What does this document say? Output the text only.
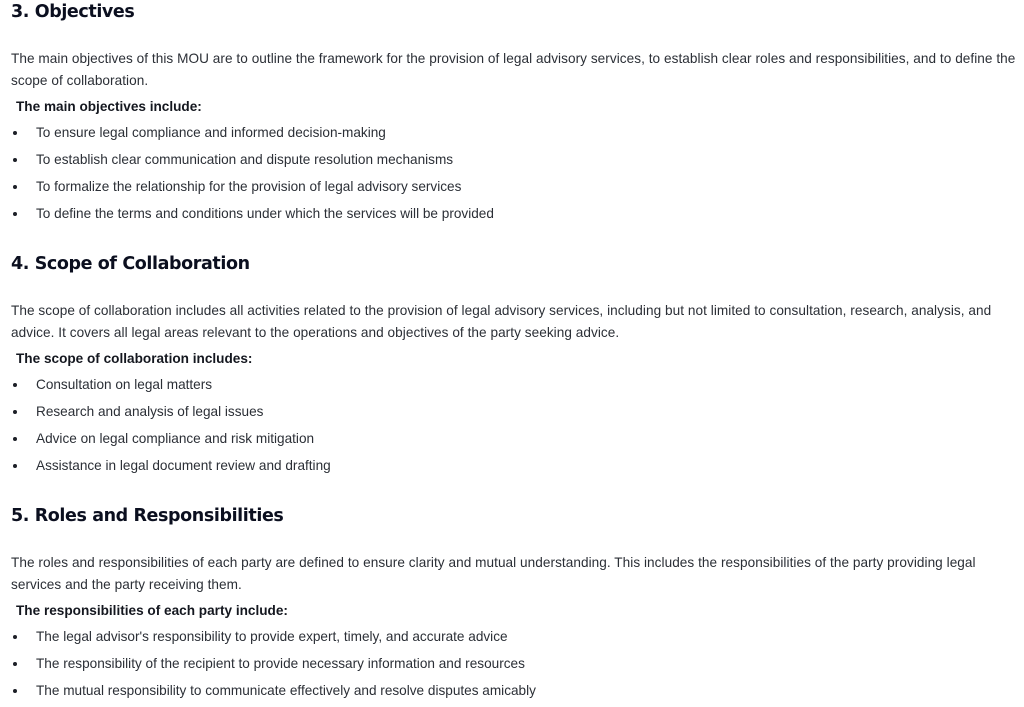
3. Objectives

The main objectives of this MOU are to outline the framework for the provision of legal advisory services, to establish clear roles and responsibilities, and to define the scope of collaboration.

The main objectives include:

To ensure legal compliance and informed decision-making
To establish clear communication and dispute resolution mechanisms
To formalize the relationship for the provision of legal advisory services
To define the terms and conditions under which the services will be provided
4. Scope of Collaboration

The scope of collaboration includes all activities related to the provision of legal advisory services, including but not limited to consultation, research, analysis, and advice. It covers all legal areas relevant to the operations and objectives of the party seeking advice.

The scope of collaboration includes:

Consultation on legal matters
Research and analysis of legal issues
Advice on legal compliance and risk mitigation
Assistance in legal document review and drafting
5. Roles and Responsibilities

The roles and responsibilities of each party are defined to ensure clarity and mutual understanding. This includes the responsibilities of the party providing legal services and the party receiving them.

The responsibilities of each party include:

The legal advisor's responsibility to provide expert, timely, and accurate advice
The responsibility of the recipient to provide necessary information and resources
The mutual responsibility to communicate effectively and resolve disputes amicably
